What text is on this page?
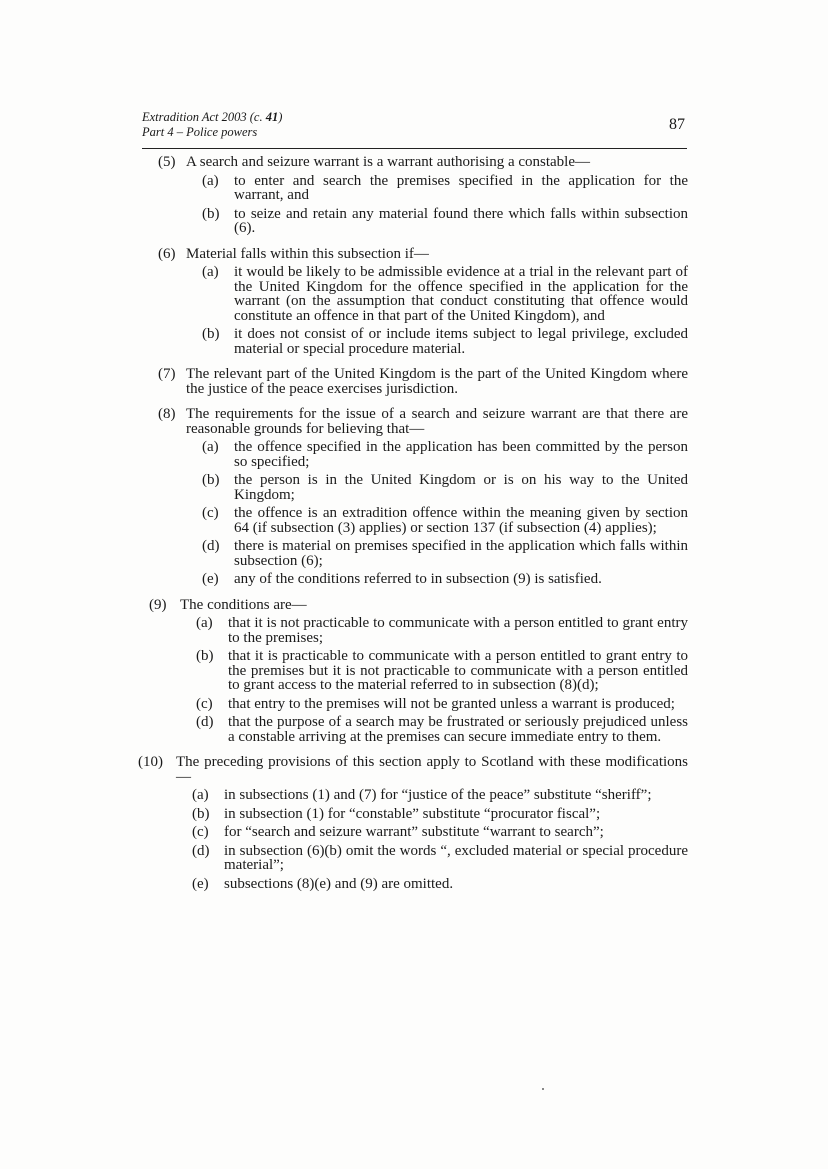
Extradition Act 2003 (c. 41)
Part 4 – Police powers	87
(5) A search and seizure warrant is a warrant authorising a constable—
(a) to enter and search the premises specified in the application for the warrant, and
(b) to seize and retain any material found there which falls within subsection (6).
(6) Material falls within this subsection if—
(a) it would be likely to be admissible evidence at a trial in the relevant part of the United Kingdom for the offence specified in the application for the warrant (on the assumption that conduct constituting that offence would constitute an offence in that part of the United Kingdom), and
(b) it does not consist of or include items subject to legal privilege, excluded material or special procedure material.
(7) The relevant part of the United Kingdom is the part of the United Kingdom where the justice of the peace exercises jurisdiction.
(8) The requirements for the issue of a search and seizure warrant are that there are reasonable grounds for believing that—
(a) the offence specified in the application has been committed by the person so specified;
(b) the person is in the United Kingdom or is on his way to the United Kingdom;
(c) the offence is an extradition offence within the meaning given by section 64 (if subsection (3) applies) or section 137 (if subsection (4) applies);
(d) there is material on premises specified in the application which falls within subsection (6);
(e) any of the conditions referred to in subsection (9) is satisfied.
(9) The conditions are—
(a) that it is not practicable to communicate with a person entitled to grant entry to the premises;
(b) that it is practicable to communicate with a person entitled to grant entry to the premises but it is not practicable to communicate with a person entitled to grant access to the material referred to in subsection (8)(d);
(c) that entry to the premises will not be granted unless a warrant is produced;
(d) that the purpose of a search may be frustrated or seriously prejudiced unless a constable arriving at the premises can secure immediate entry to them.
(10) The preceding provisions of this section apply to Scotland with these modifications—
(a) in subsections (1) and (7) for “justice of the peace” substitute “sheriff”;
(b) in subsection (1) for “constable” substitute “procurator fiscal”;
(c) for “search and seizure warrant” substitute “warrant to search”;
(d) in subsection (6)(b) omit the words “, excluded material or special procedure material”;
(e) subsections (8)(e) and (9) are omitted.
